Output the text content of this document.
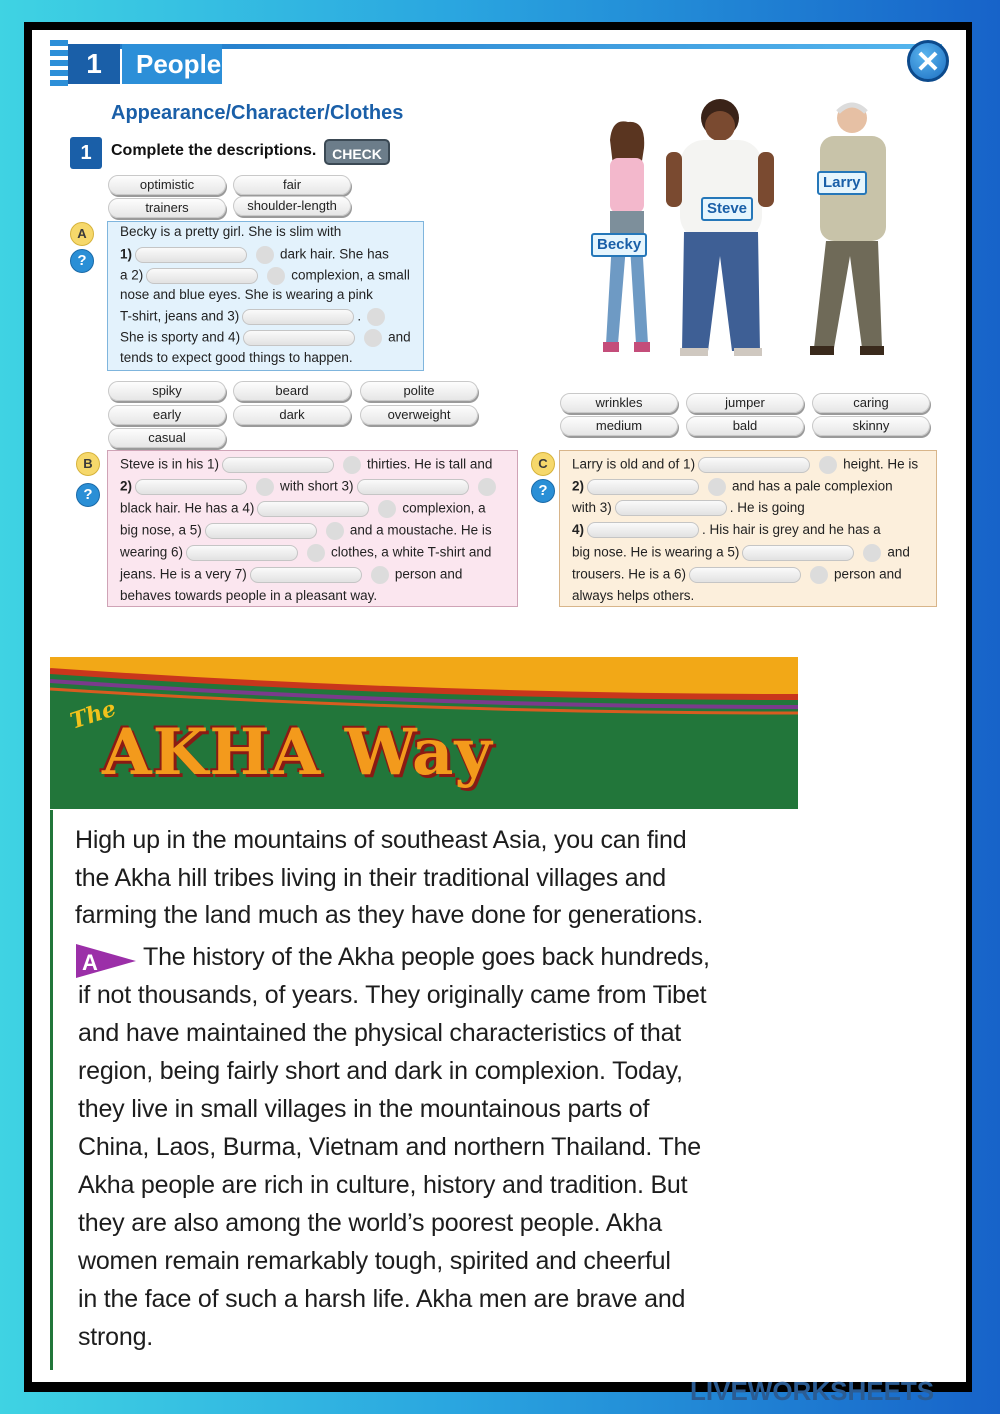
1	People	✕
Appearance/Character/Clothes
1	Complete the descriptions.	CHECK
optimistic	fair
trainers	shoulder-length
A
?
Becky is a pretty girl. She is slim with
1)	dark hair. She has
a 2)	complexion, a small
nose and blue eyes. She is wearing a pink
T-shirt, jeans and 3)	.
She is sporty and 4)	and
tends to expect good things to happen.
Becky
Steve
Larry
spiky	beard	polite
early	dark	overweight
casual
wrinkles	jumper	caring
medium	bald	skinny
B
?
Steve is in his 1)	thirties. He is tall and
2)	with short 3)
black hair. He has a 4)	complexion, a
big nose, a 5)	and a moustache. He is
wearing 6)	clothes, a white T-shirt and
jeans. He is a very 7)	person and
behaves towards people in a pleasant way.
C
?
Larry is old and of 1)	height. He is
2)	and has a pale complexion
with 3)	. He is going
4)	. His hair is grey and he has a
big nose. He is wearing a 5)	and
trousers. He is a 6)	person and
always helps others.
The
AKHA Way
High up in the mountains of southeast Asia, you can find
the Akha hill tribes living in their traditional villages and
farming the land much as they have done for generations.
A The history of the Akha people goes back hundreds,
if not thousands, of years. They originally came from Tibet
and have maintained the physical characteristics of that
region, being fairly short and dark in complexion. Today,
they live in small villages in the mountainous parts of
China, Laos, Burma, Vietnam and northern Thailand. The
Akha people are rich in culture, history and tradition. But
they are also among the world’s poorest people. Akha
women remain remarkably tough, spirited and cheerful
in the face of such a harsh life. Akha men are brave and
strong.
LIVEWORKSHEETS
